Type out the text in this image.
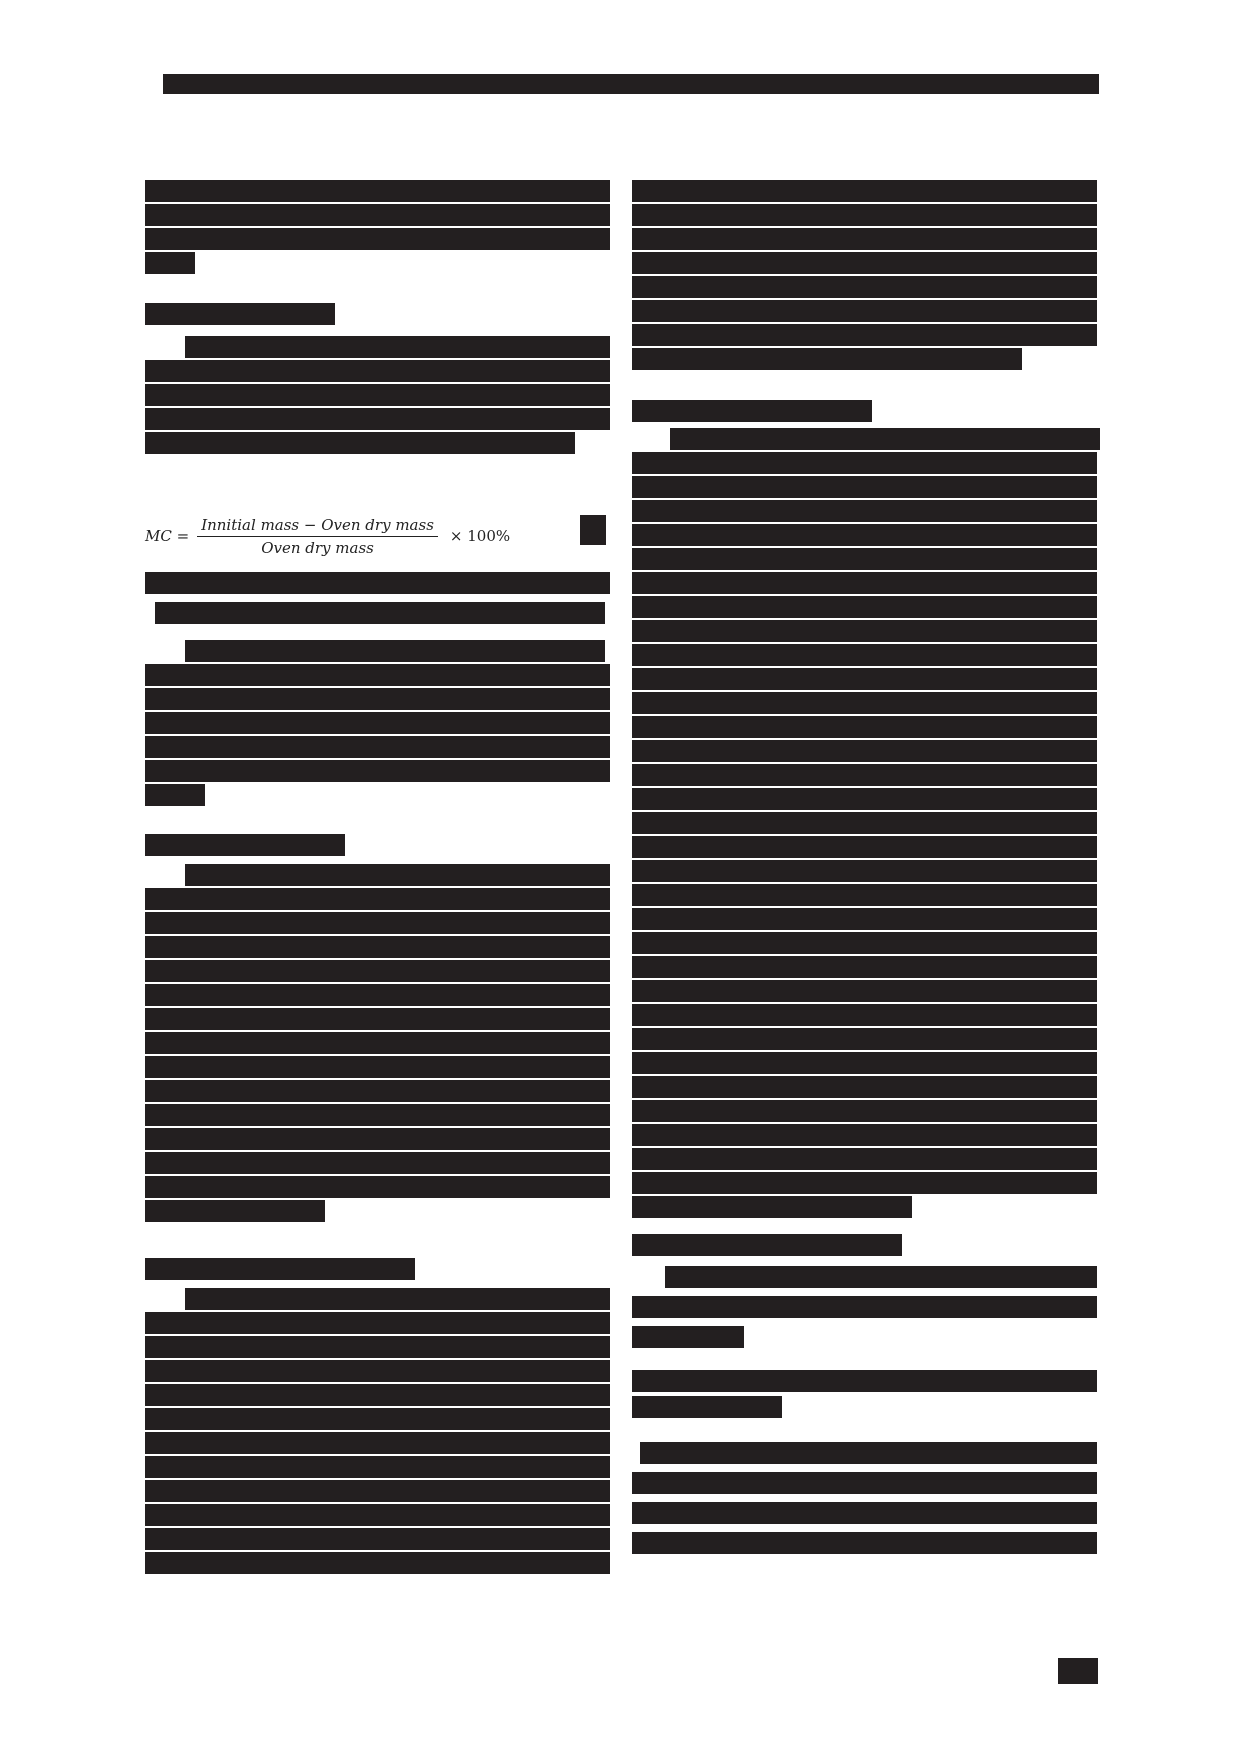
MC = $\frac{\text{Innitial mass − Oven dry mass}}{\text{Oven dry mass}} \times 100\%$
